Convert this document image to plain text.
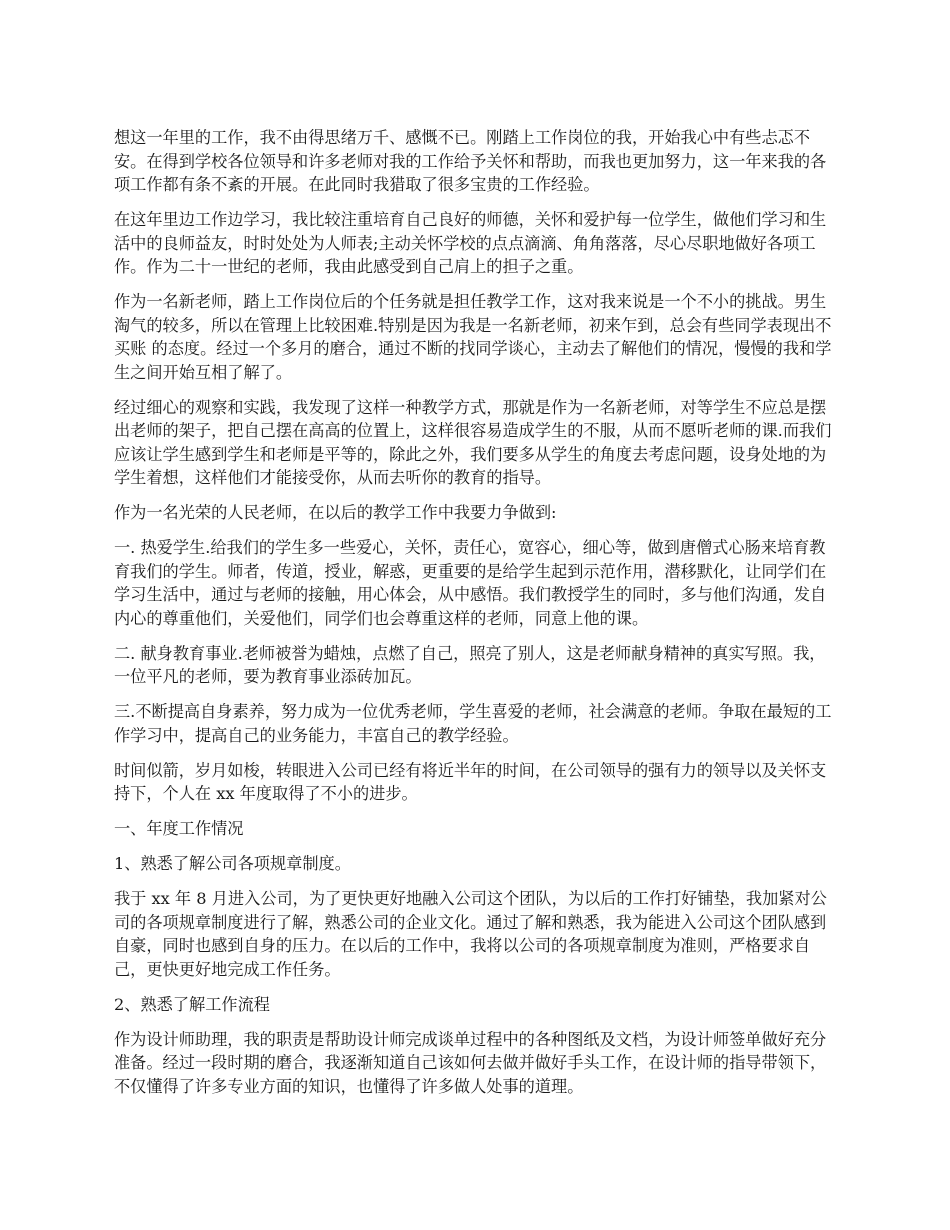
想这一年里的工作，我不由得思绪万千、感慨不已。刚踏上工作岗位的我，开始我心中有些忐忑不安。在得到学校各位领导和许多老师对我的工作给予关怀和帮助，而我也更加努力，这一年来我的各项工作都有条不紊的开展。在此同时我猎取了很多宝贵的工作经验。

在这年里边工作边学习，我比较注重培育自己良好的师德，关怀和爱护每一位学生，做他们学习和生活中的良师益友，时时处处为人师表;主动关怀学校的点点滴滴、角角落落，尽心尽职地做好各项工作。作为二十一世纪的老师，我由此感受到自己肩上的担子之重。

作为一名新老师，踏上工作岗位后的个任务就是担任教学工作，这对我来说是一个不小的挑战。男生淘气的较多，所以在管理上比较困难.特别是因为我是一名新老师，初来乍到，总会有些同学表现出不买账 的态度。经过一个多月的磨合，通过不断的找同学谈心，主动去了解他们的情况，慢慢的我和学生之间开始互相了解了。

经过细心的观察和实践，我发现了这样一种教学方式，那就是作为一名新老师，对等学生不应总是摆出老师的架子，把自己摆在高高的位置上，这样很容易造成学生的不服，从而不愿听老师的课.而我们应该让学生感到学生和老师是平等的，除此之外，我们要多从学生的角度去考虑问题，设身处地的为学生着想，这样他们才能接受你，从而去听你的教育的指导。

作为一名光荣的人民老师，在以后的教学工作中我要力争做到:

一. 热爱学生.给我们的学生多一些爱心，关怀，责任心，宽容心，细心等，做到唐僧式心肠来培育教育我们的学生。师者，传道，授业，解惑，更重要的是给学生起到示范作用，潜移默化，让同学们在学习生活中，通过与老师的接触，用心体会，从中感悟。我们教授学生的同时，多与他们沟通，发自内心的尊重他们，关爱他们，同学们也会尊重这样的老师，同意上他的课。

二. 献身教育事业.老师被誉为蜡烛，点燃了自己，照亮了别人，这是老师献身精神的真实写照。我，一位平凡的老师，要为教育事业添砖加瓦。

三.不断提高自身素养，努力成为一位优秀老师，学生喜爱的老师，社会满意的老师。争取在最短的工作学习中，提高自己的业务能力，丰富自己的教学经验。

时间似箭，岁月如梭，转眼进入公司已经有将近半年的时间，在公司领导的强有力的领导以及关怀支持下，个人在 xx 年度取得了不小的进步。

一、年度工作情况

1、熟悉了解公司各项规章制度。

我于 xx 年 8 月进入公司，为了更快更好地融入公司这个团队，为以后的工作打好铺垫，我加紧对公司的各项规章制度进行了解，熟悉公司的企业文化。通过了解和熟悉，我为能进入公司这个团队感到自豪，同时也感到自身的压力。在以后的工作中，我将以公司的各项规章制度为准则，严格要求自己，更快更好地完成工作任务。

2、熟悉了解工作流程

作为设计师助理，我的职责是帮助设计师完成谈单过程中的各种图纸及文档，为设计师签单做好充分准备。经过一段时期的磨合，我逐渐知道自己该如何去做并做好手头工作，在设计师的指导带领下，不仅懂得了许多专业方面的知识，也懂得了许多做人处事的道理。
